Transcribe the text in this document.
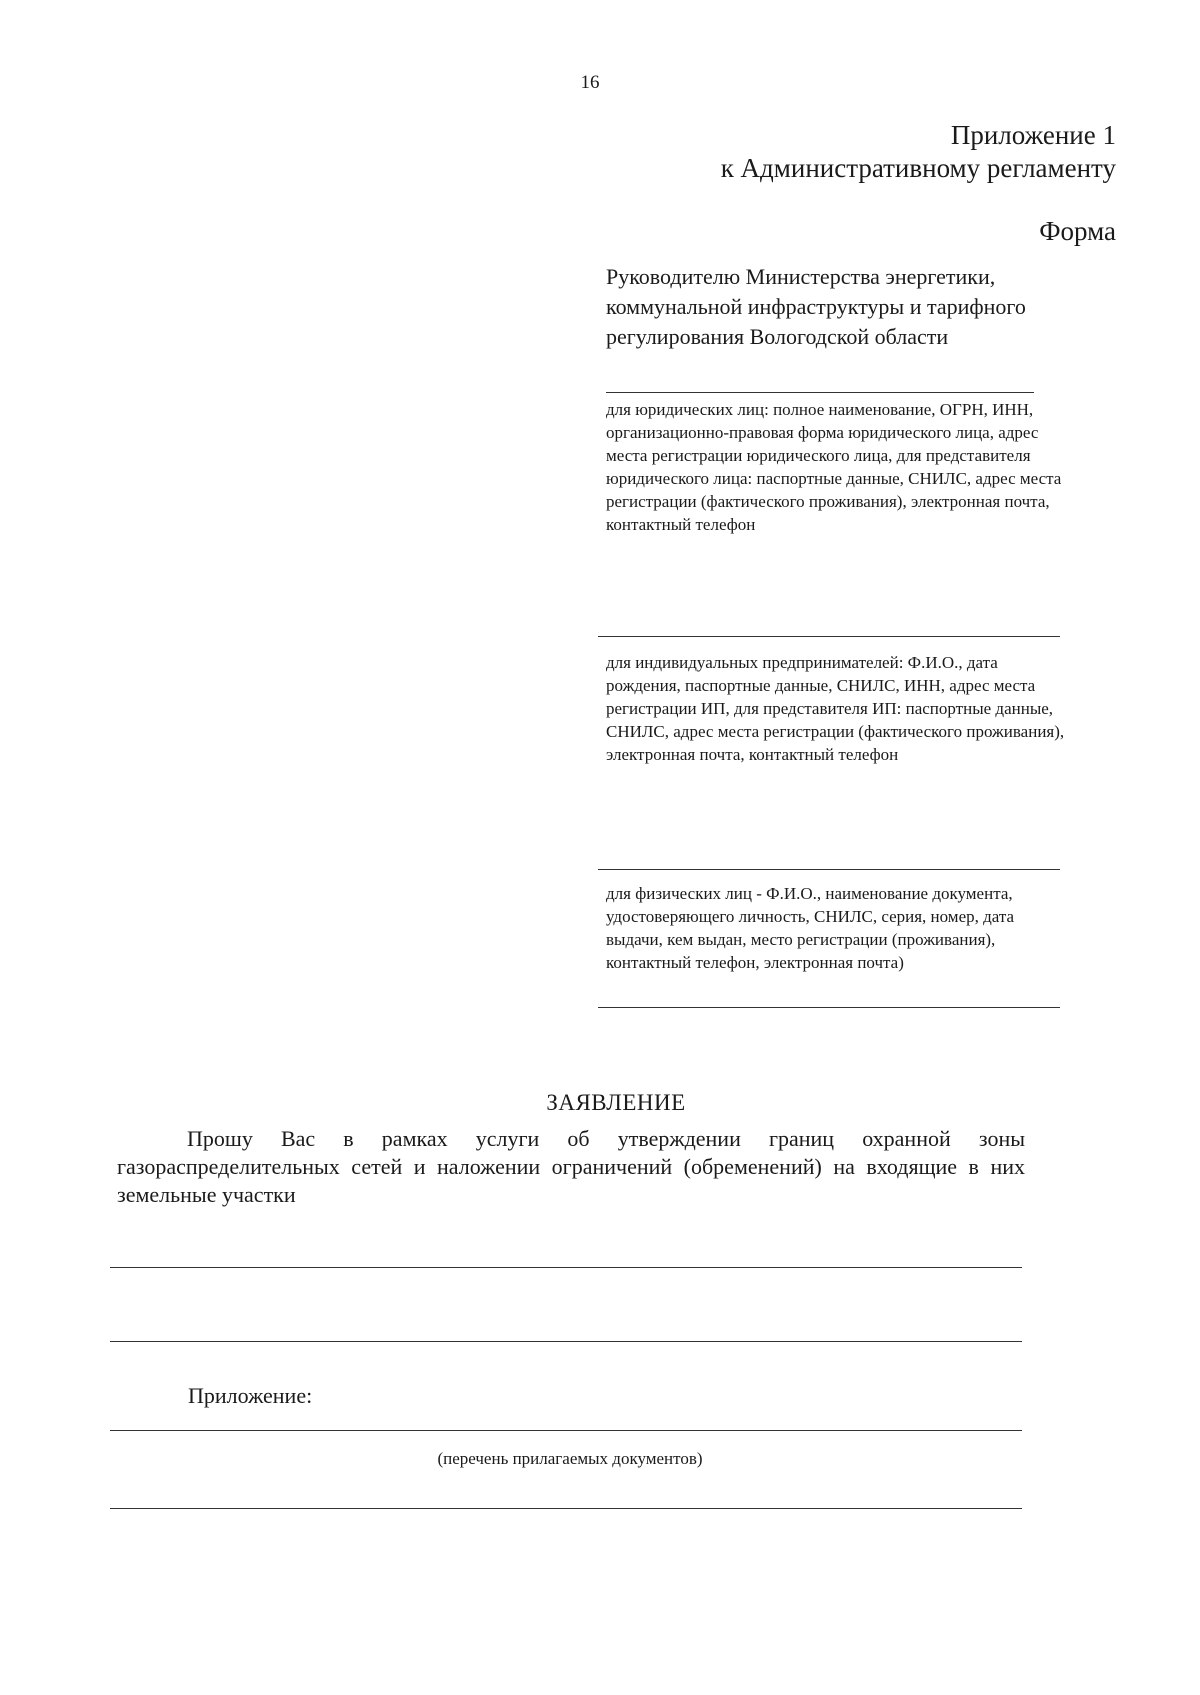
16
Приложение 1
к Административному регламенту
Форма
Руководителю Министерства энергетики, коммунальной инфраструктуры и тарифного регулирования Вологодской области
для юридических лиц: полное наименование, ОГРН, ИНН, организационно-правовая форма юридического лица, адрес места регистрации юридического лица, для представителя юридического лица: паспортные данные, СНИЛС, адрес места регистрации (фактического проживания), электронная почта, контактный телефон
для индивидуальных предпринимателей: Ф.И.О., дата рождения, паспортные данные, СНИЛС, ИНН, адрес места регистрации ИП, для представителя ИП: паспортные данные, СНИЛС, адрес места регистрации (фактического проживания), электронная почта, контактный телефон
для физических лиц - Ф.И.О., наименование документа, удостоверяющего личность, СНИЛС, серия, номер, дата выдачи, кем выдан, место регистрации (проживания), контактный телефон, электронная почта)
ЗАЯВЛЕНИЕ
Прошу Вас в рамках услуги об утверждении границ охранной зоны газораспределительных сетей и наложении ограничений (обременений) на входящие в них земельные участки
Приложение:
(перечень прилагаемых документов)
